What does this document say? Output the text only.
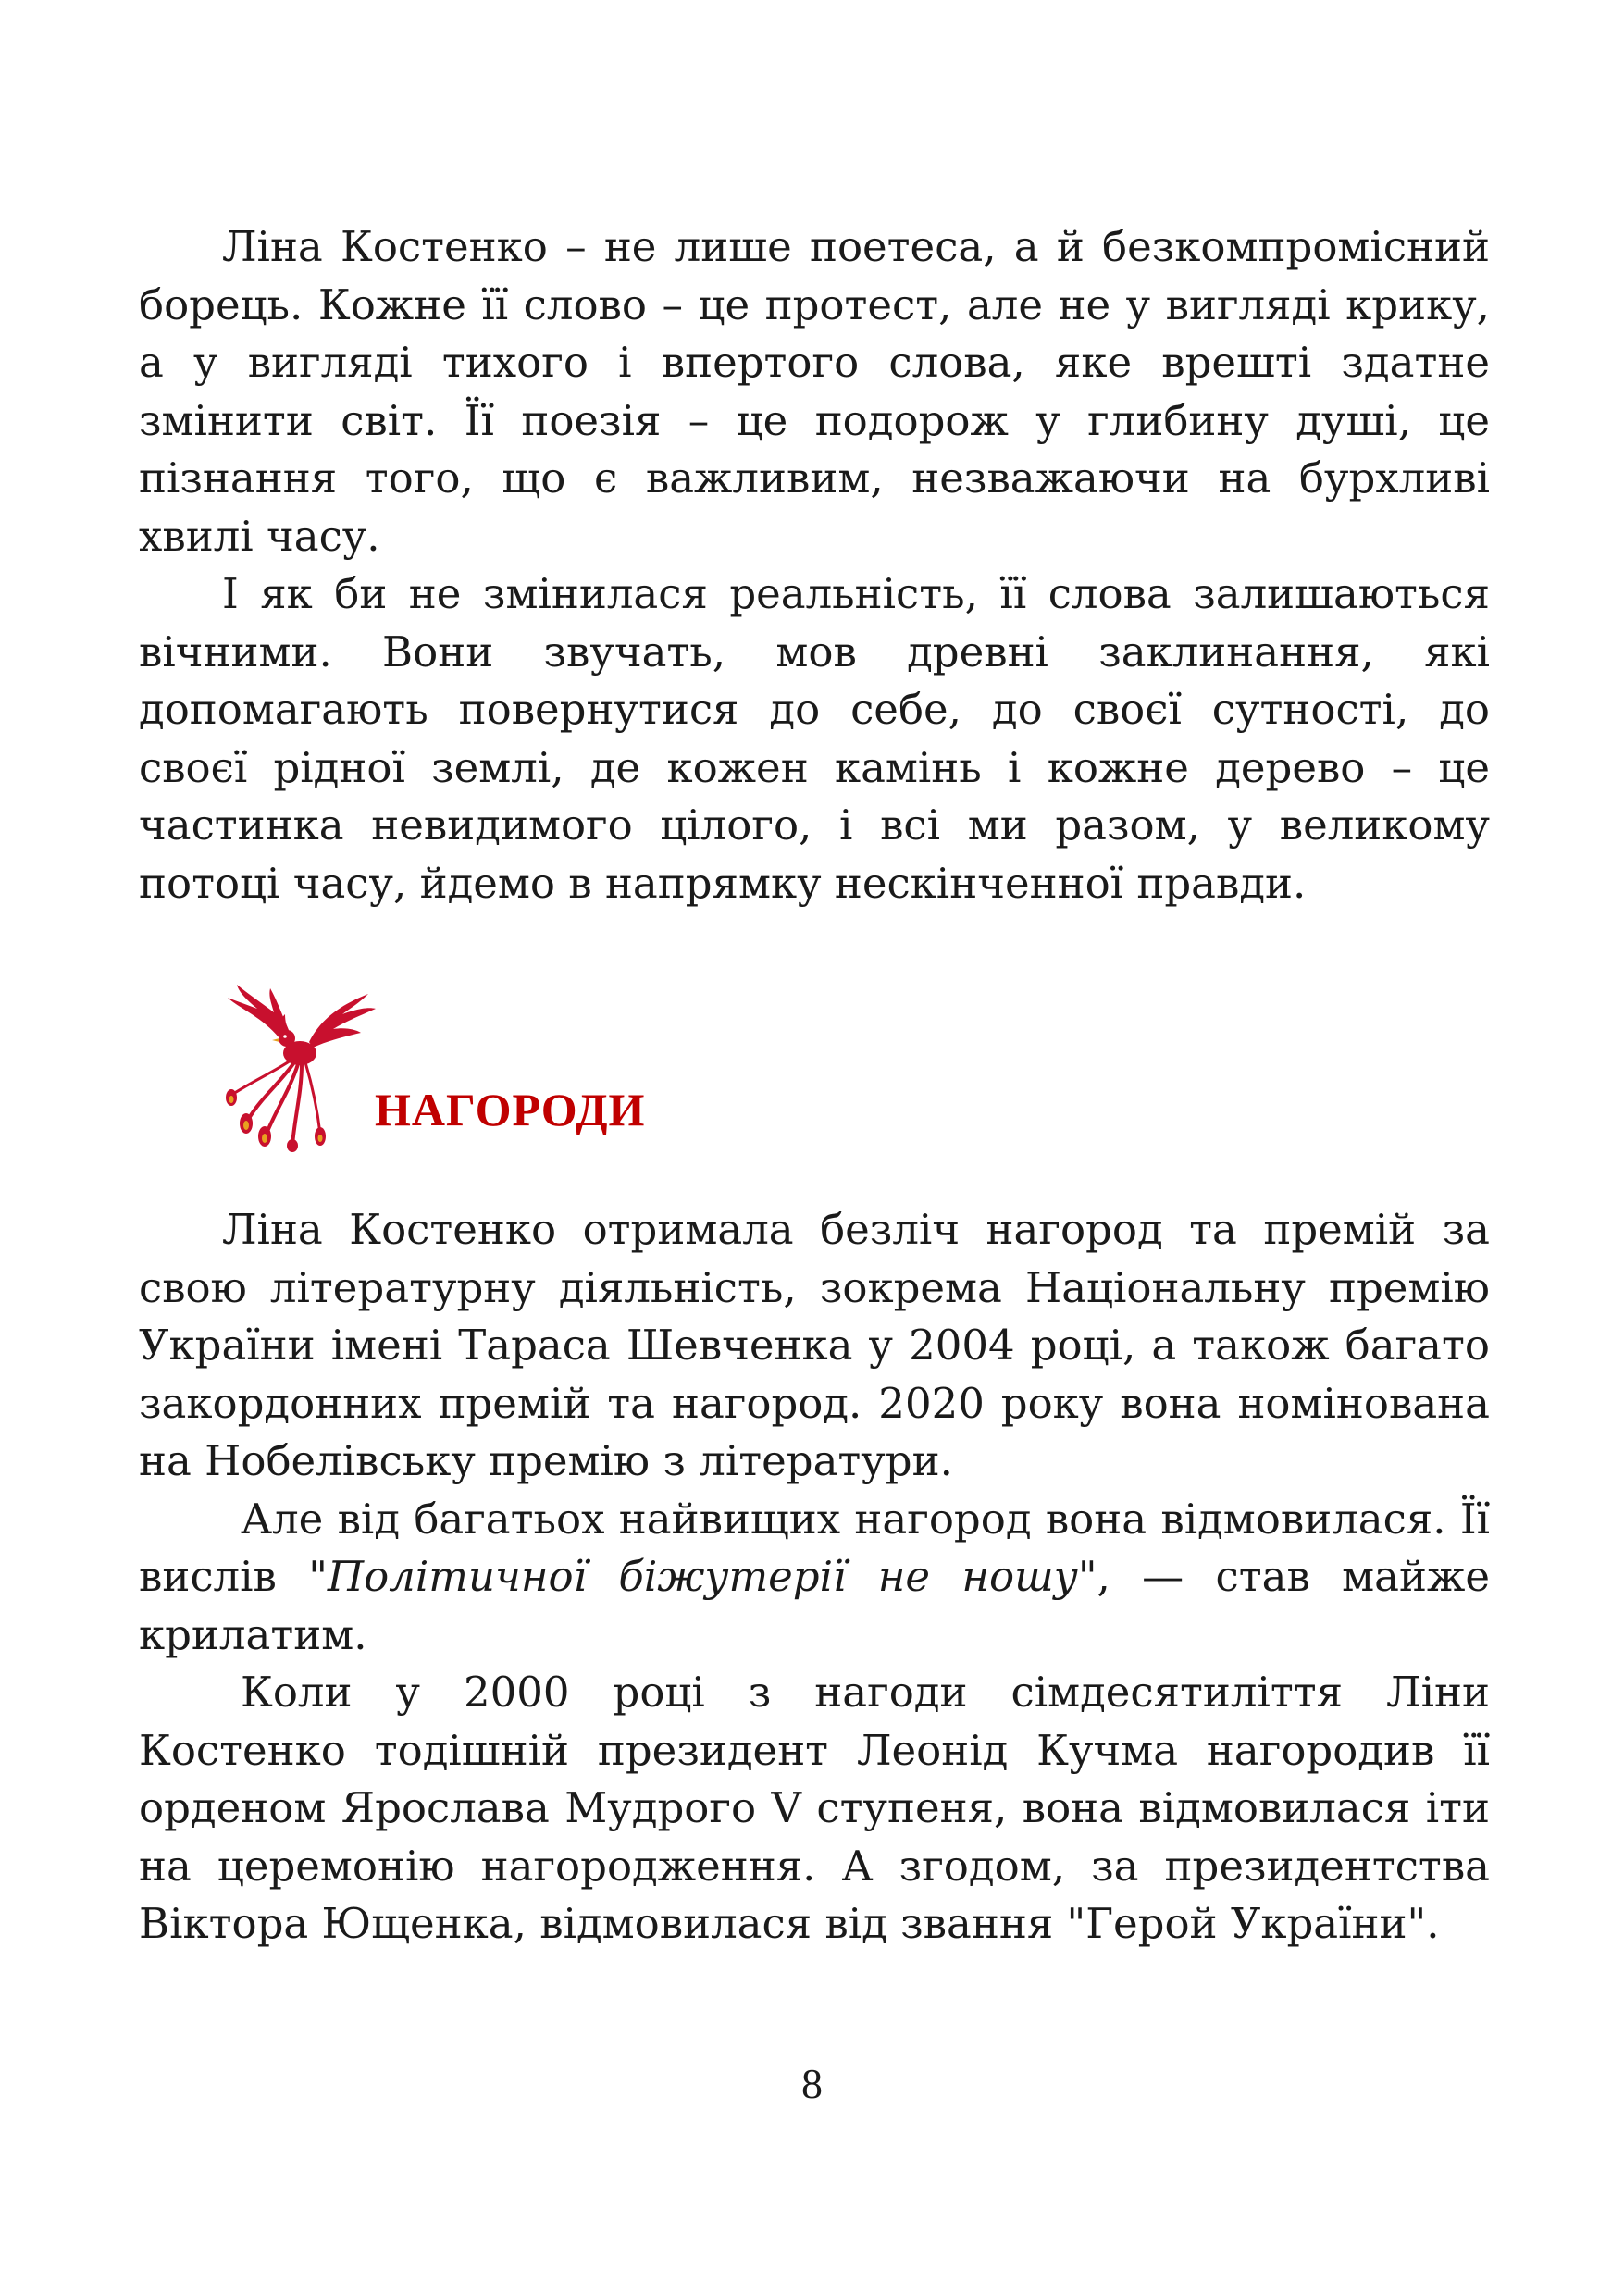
Ліна Костенко – не лише поетеса, а й безкомпромісний борець. Кожне її слово – це протест, але не у вигляді крику, а у вигляді тихого і впертого слова, яке врешті здатне змінити світ. Її поезія – це подорож у глибину душі, це пізнання того, що є важливим, незважаючи на бурхливі хвилі часу.

І як би не змінилася реальність, її слова залишаються вічними. Вони звучать, мов древні заклинання, які допомагають повернутися до себе, до своєї сутності, до своєї рідної землі, де кожен камінь і кожне дерево – це частинка невидимого цілого, і всі ми разом, у великому потоці часу, йдемо в напрямку нескінченної правди.

НАГОРОДИ

Ліна Костенко отримала безліч нагород та премій за свою літературну діяльність, зокрема Національну премію України імені Тараса Шевченка у 2004 році, а також багато закордонних премій та нагород. 2020 року вона номінована на Нобелівську премію з літератури.

Але від багатьох найвищих нагород вона відмовилася. Її вислів "Політичної біжутерії не ношу", — став майже крилатим.

Коли у 2000 році з нагоди сімдесятиліття Ліни Костенко тодішній президент Леонід Кучма нагородив її орденом Ярослава Мудрого V ступеня, вона відмовилася іти на церемонію нагородження. А згодом, за президентства Віктора Ющенка, відмовилася від звання "Герой України".

8
